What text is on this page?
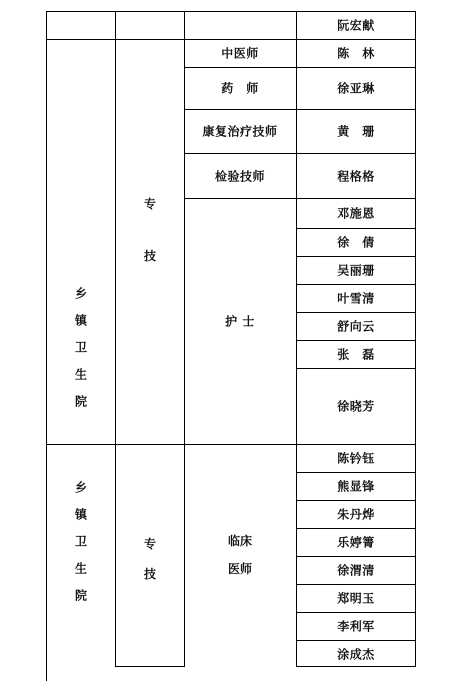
阮宏献
乡
镇
卫
生
院
专
技
中医师
药　师
康复治疗技师
检验技师
护 士
陈　林
徐亚琳
黄　珊
程格格
邓施恩
徐　倩
吴丽珊
叶雪清
舒向云
张　磊
徐晓芳
乡
镇
卫
生
院
专
技
临床
医师
陈钤钰
熊显锋
朱丹烨
乐婷箐
徐渭清
郑明玉
李利军
涂成杰
